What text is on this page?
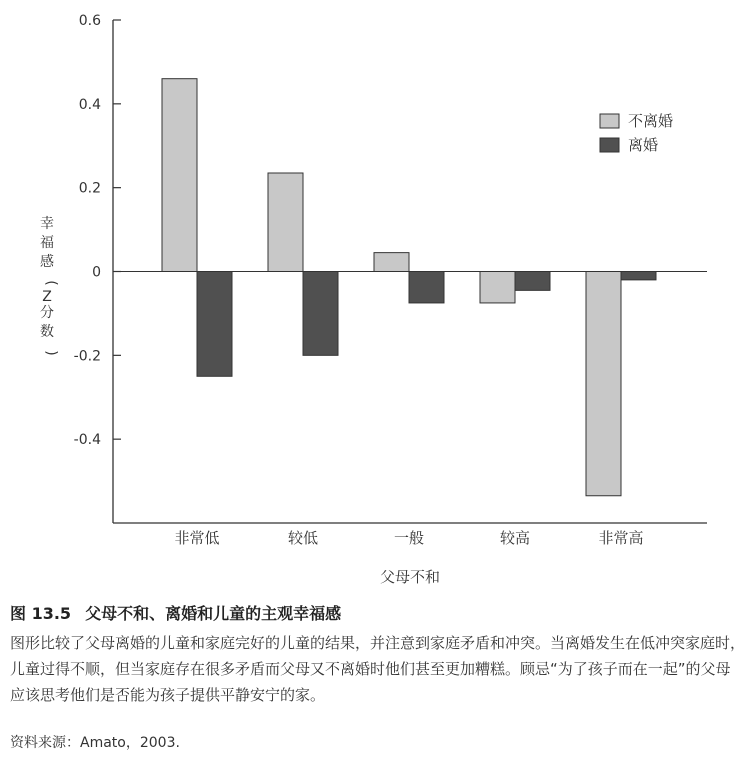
0.6
0.4
0.2
0
-0.2
-0.4
非常低	较低	一般	较高	非常高
父母不和
幸
福
感
(
Z
分
数
)
不离婚
离婚

图 13.5 父母不和、离婚和儿童的主观幸福感

图形比较了父母离婚的儿童和家庭完好的儿童的结果，并注意到家庭矛盾和冲突。当离婚发生在低冲突家庭时，儿童过得不顺，但当家庭存在很多矛盾而父母又不离婚时他们甚至更加糟糕。顾忌“为了孩子而在一起”的父母应该思考他们是否能为孩子提供平静安宁的家。

资料来源：Amato，2003.
